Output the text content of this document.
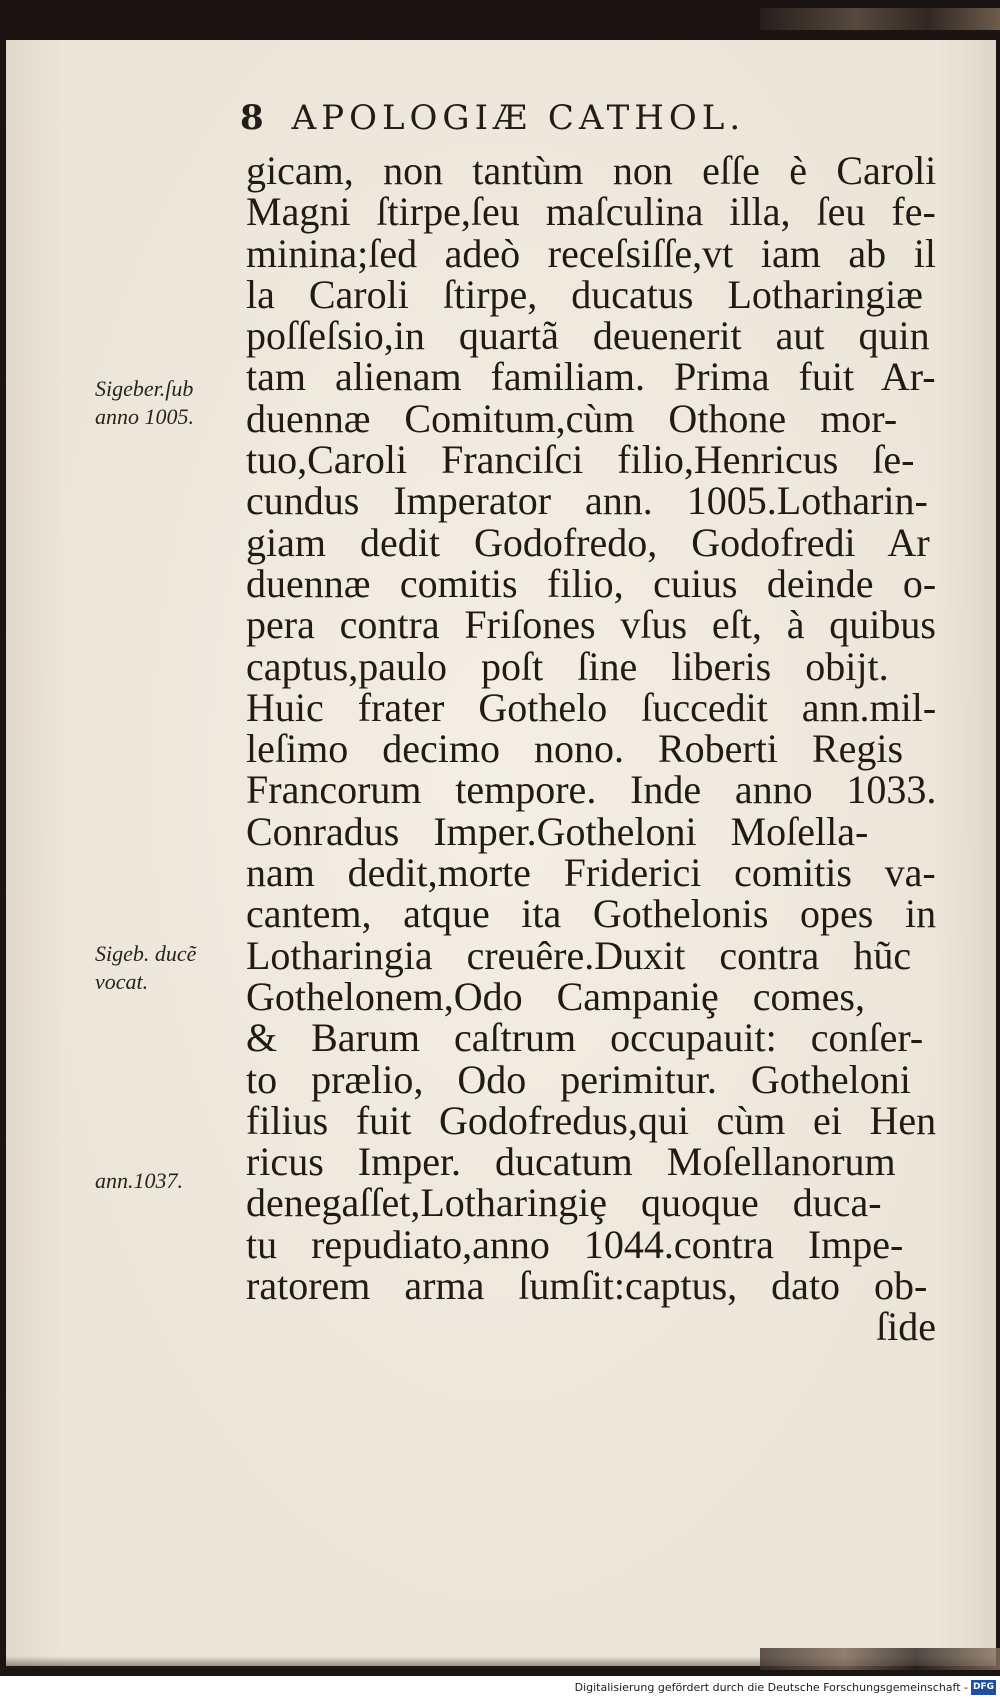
8 APOLOGIÆ CATHOL.
gicam, non tantùm non eſſe è Caroli
Magni ſtirpe,ſeu maſculina illa, ſeu fe-
minina;ſed adeò receſsiſſe,vt iam ab il
la Caroli ſtirpe, ducatus Lotharingiæ
poſſeſsio,in quartã deuenerit aut quin
tam alienam familiam. Prima fuit Ar-
duennæ Comitum,cùm Othone mor-
tuo,Caroli Franciſci filio,Henricus ſe-
cundus Imperator ann. 1005.Lotharin-
giam dedit Godofredo, Godofredi Ar
duennæ comitis filio, cuius deinde o-
pera contra Friſones vſus eſt, à quibus
captus,paulo poſt ſine liberis obijt.
Huic frater Gothelo ſuccedit ann.mil-
leſimo decimo nono. Roberti Regis
Francorum tempore. Inde anno 1033.
Conradus Imper.Gotheloni Moſella-
nam dedit,morte Friderici comitis va-
cantem, atque ita Gothelonis opes in
Lotharingia creuêre.Duxit contra hũc
Gothelonem,Odo Campaniȩ comes,
& Barum caſtrum occupauit: conſer-
to prælio, Odo perimitur. Gotheloni
filius fuit Godofredus,qui cùm ei Hen
ricus Imper. ducatum Moſellanorum
denegaſſet,Lotharingiȩ quoque duca-
tu repudiato,anno 1044.contra Impe-
ratorem arma ſumſit:captus, dato ob-
ſide
Sigeber.ſub
anno 1005.
Sigeb. ducẽ
vocat.
ann.1037.
Digitalisierung gefördert durch die Deutsche Forschungsgemeinschaft - DFG
